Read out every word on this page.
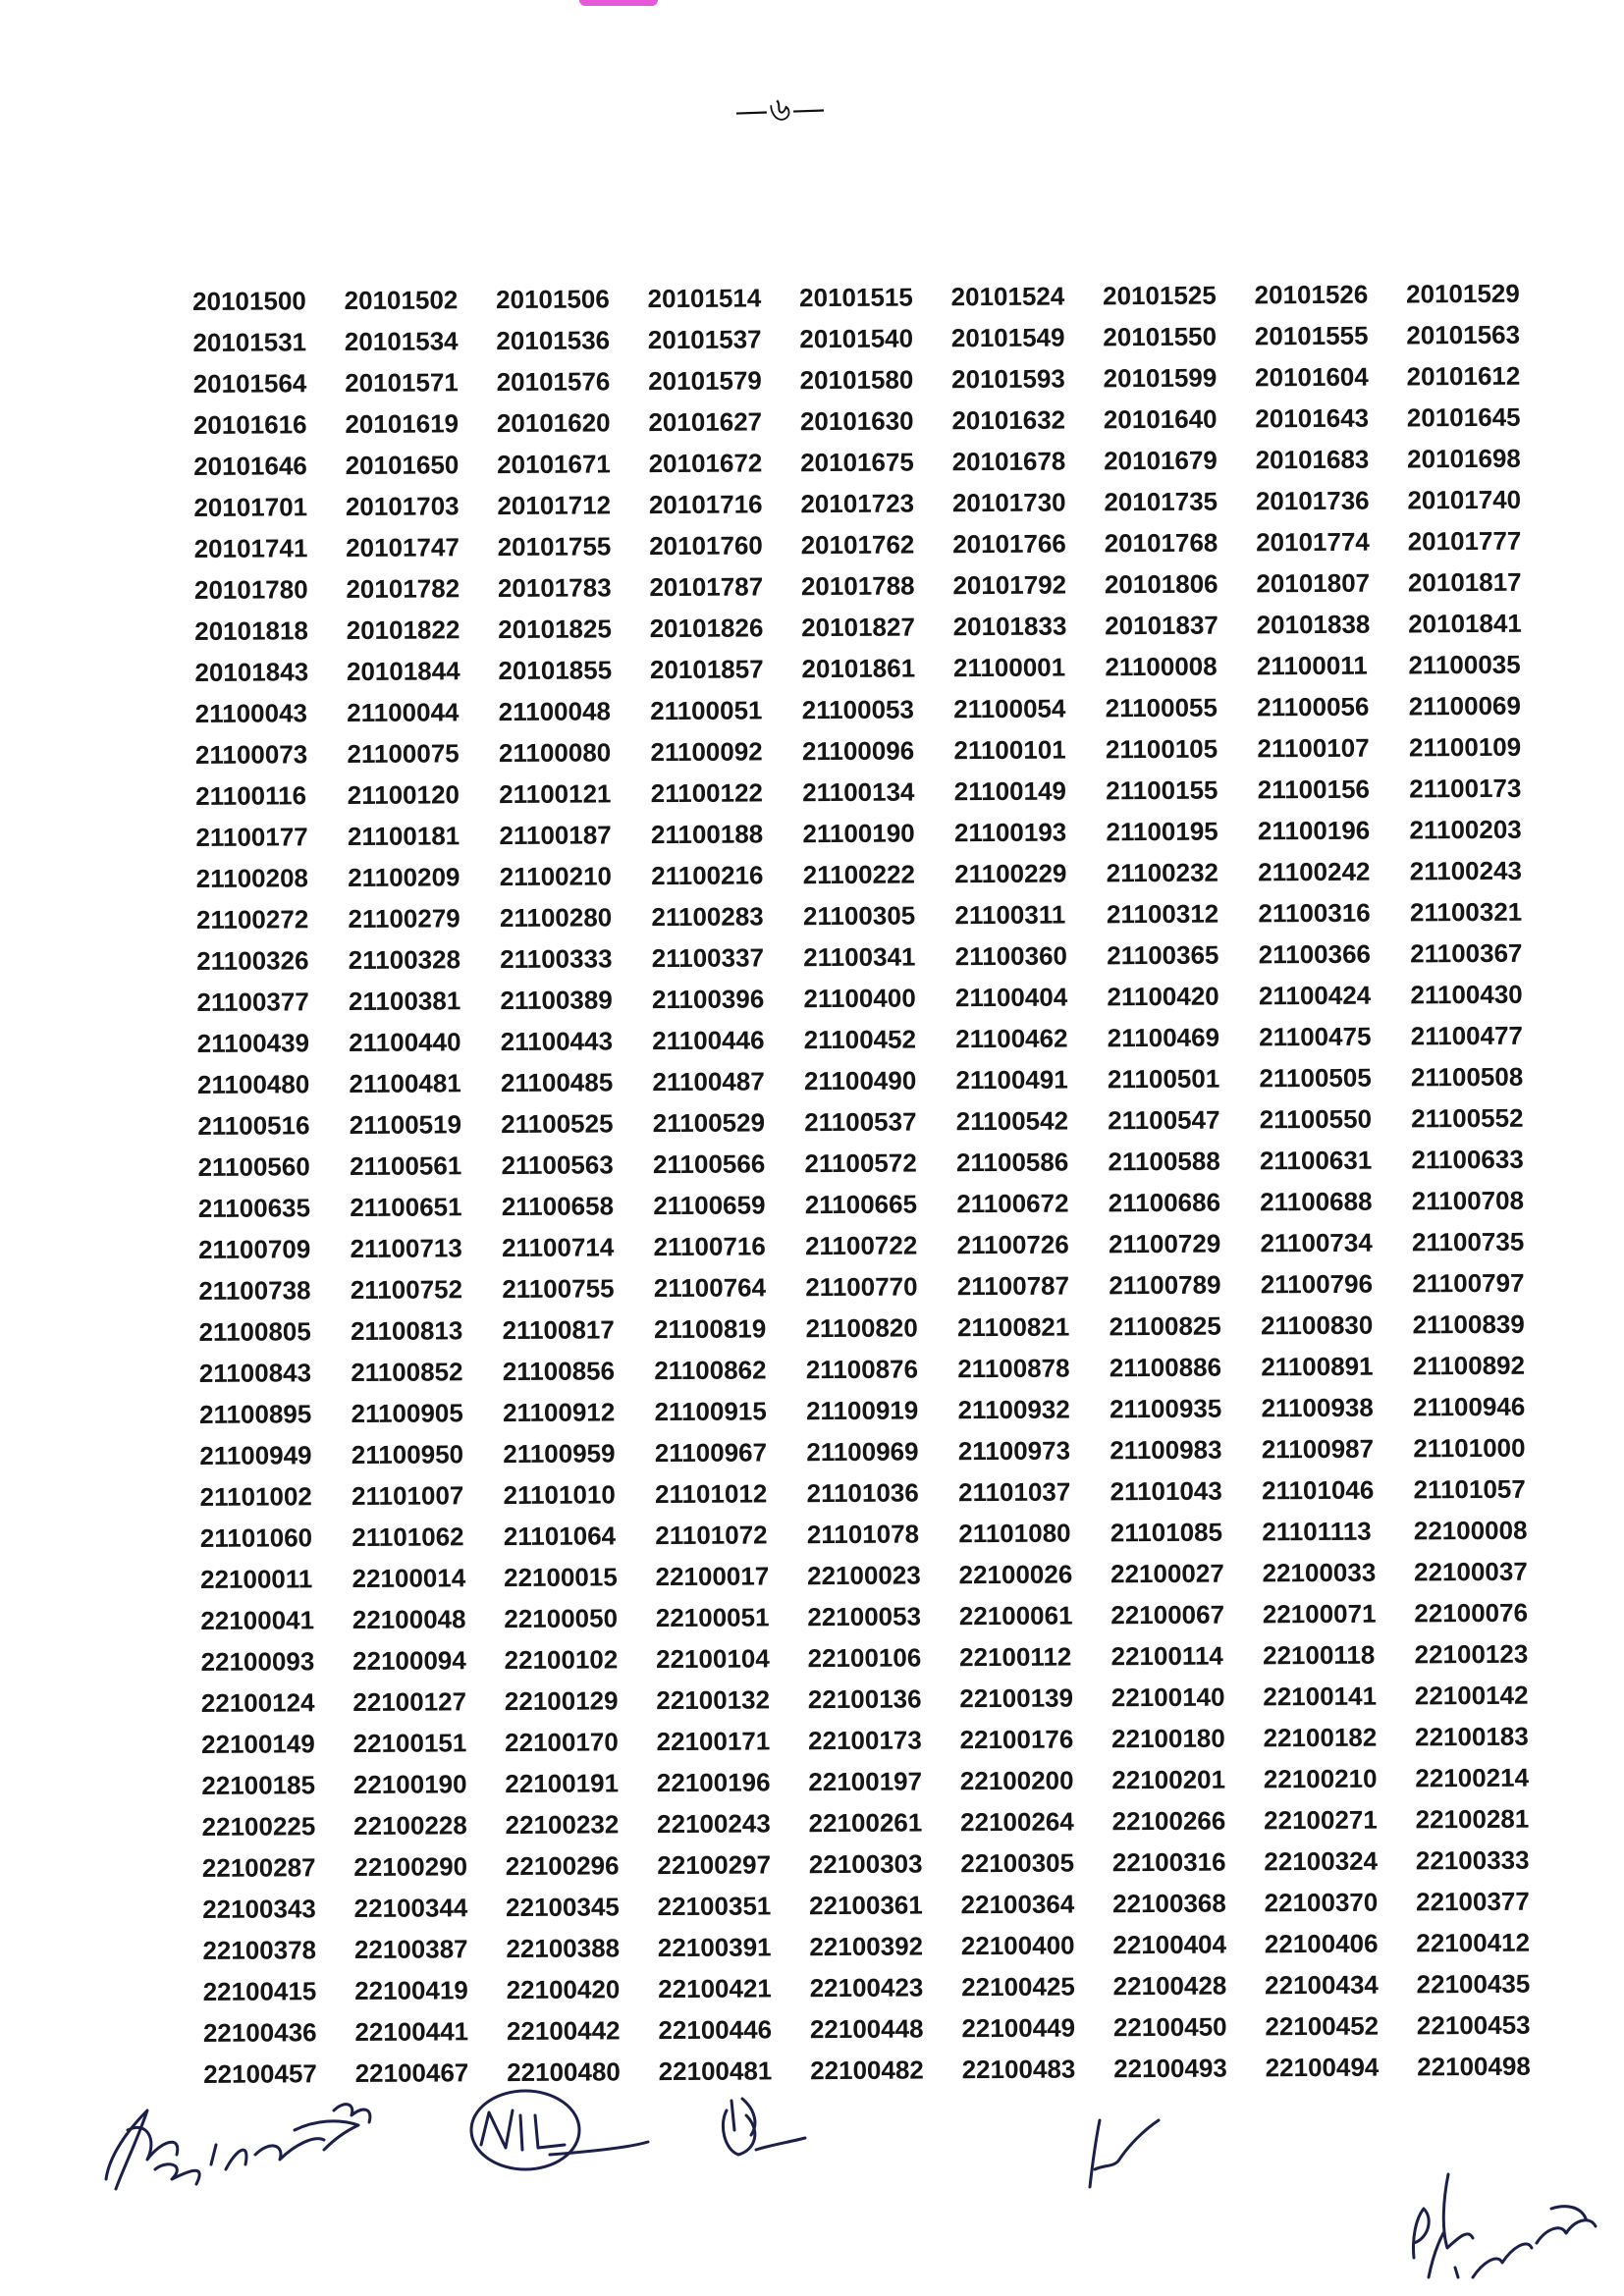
—৬—
20101500	20101502	20101506	20101514	20101515	20101524	20101525	20101526	20101529
20101531	20101534	20101536	20101537	20101540	20101549	20101550	20101555	20101563
20101564	20101571	20101576	20101579	20101580	20101593	20101599	20101604	20101612
20101616	20101619	20101620	20101627	20101630	20101632	20101640	20101643	20101645
20101646	20101650	20101671	20101672	20101675	20101678	20101679	20101683	20101698
20101701	20101703	20101712	20101716	20101723	20101730	20101735	20101736	20101740
20101741	20101747	20101755	20101760	20101762	20101766	20101768	20101774	20101777
20101780	20101782	20101783	20101787	20101788	20101792	20101806	20101807	20101817
20101818	20101822	20101825	20101826	20101827	20101833	20101837	20101838	20101841
20101843	20101844	20101855	20101857	20101861	21100001	21100008	21100011	21100035
21100043	21100044	21100048	21100051	21100053	21100054	21100055	21100056	21100069
21100073	21100075	21100080	21100092	21100096	21100101	21100105	21100107	21100109
21100116	21100120	21100121	21100122	21100134	21100149	21100155	21100156	21100173
21100177	21100181	21100187	21100188	21100190	21100193	21100195	21100196	21100203
21100208	21100209	21100210	21100216	21100222	21100229	21100232	21100242	21100243
21100272	21100279	21100280	21100283	21100305	21100311	21100312	21100316	21100321
21100326	21100328	21100333	21100337	21100341	21100360	21100365	21100366	21100367
21100377	21100381	21100389	21100396	21100400	21100404	21100420	21100424	21100430
21100439	21100440	21100443	21100446	21100452	21100462	21100469	21100475	21100477
21100480	21100481	21100485	21100487	21100490	21100491	21100501	21100505	21100508
21100516	21100519	21100525	21100529	21100537	21100542	21100547	21100550	21100552
21100560	21100561	21100563	21100566	21100572	21100586	21100588	21100631	21100633
21100635	21100651	21100658	21100659	21100665	21100672	21100686	21100688	21100708
21100709	21100713	21100714	21100716	21100722	21100726	21100729	21100734	21100735
21100738	21100752	21100755	21100764	21100770	21100787	21100789	21100796	21100797
21100805	21100813	21100817	21100819	21100820	21100821	21100825	21100830	21100839
21100843	21100852	21100856	21100862	21100876	21100878	21100886	21100891	21100892
21100895	21100905	21100912	21100915	21100919	21100932	21100935	21100938	21100946
21100949	21100950	21100959	21100967	21100969	21100973	21100983	21100987	21101000
21101002	21101007	21101010	21101012	21101036	21101037	21101043	21101046	21101057
21101060	21101062	21101064	21101072	21101078	21101080	21101085	21101113	22100008
22100011	22100014	22100015	22100017	22100023	22100026	22100027	22100033	22100037
22100041	22100048	22100050	22100051	22100053	22100061	22100067	22100071	22100076
22100093	22100094	22100102	22100104	22100106	22100112	22100114	22100118	22100123
22100124	22100127	22100129	22100132	22100136	22100139	22100140	22100141	22100142
22100149	22100151	22100170	22100171	22100173	22100176	22100180	22100182	22100183
22100185	22100190	22100191	22100196	22100197	22100200	22100201	22100210	22100214
22100225	22100228	22100232	22100243	22100261	22100264	22100266	22100271	22100281
22100287	22100290	22100296	22100297	22100303	22100305	22100316	22100324	22100333
22100343	22100344	22100345	22100351	22100361	22100364	22100368	22100370	22100377
22100378	22100387	22100388	22100391	22100392	22100400	22100404	22100406	22100412
22100415	22100419	22100420	22100421	22100423	22100425	22100428	22100434	22100435
22100436	22100441	22100442	22100446	22100448	22100449	22100450	22100452	22100453
22100457	22100467	22100480	22100481	22100482	22100483	22100493	22100494	22100498
